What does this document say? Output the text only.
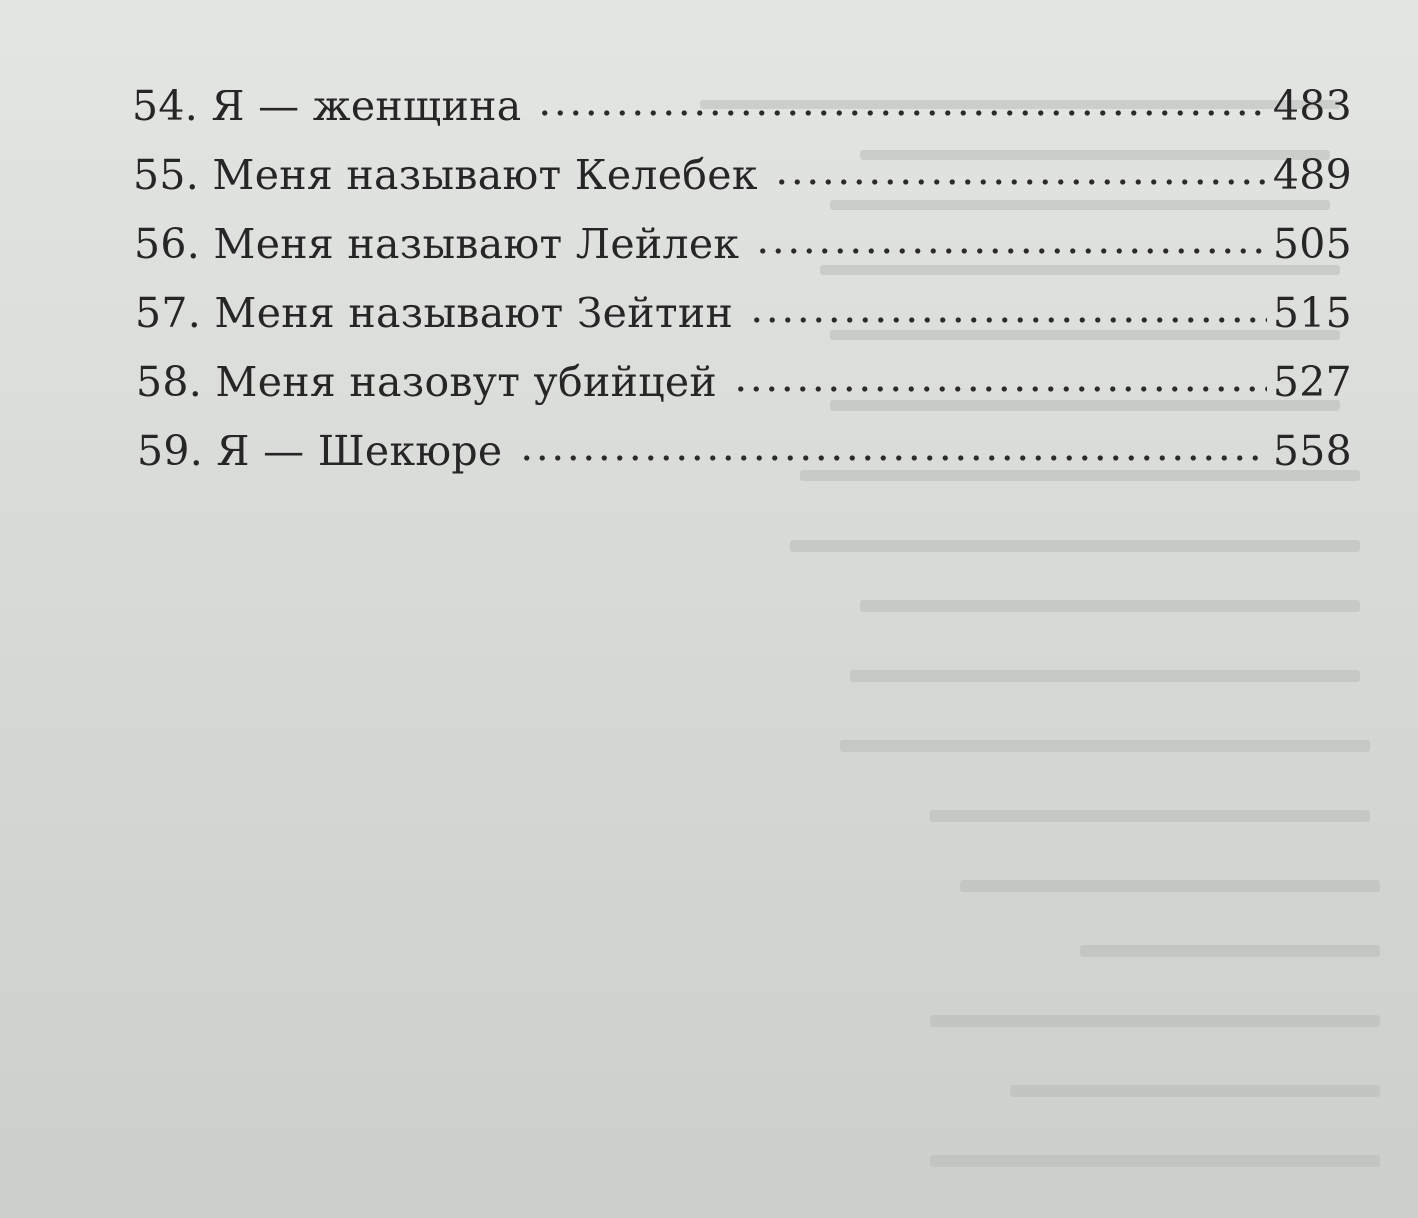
54. Я — женщина	483
55. Меня называют Келебек	489
56. Меня называют Лейлек	505
57. Меня называют Зейтин	515
58. Меня назовут убийцей	527
59. Я — Шекюре	558
